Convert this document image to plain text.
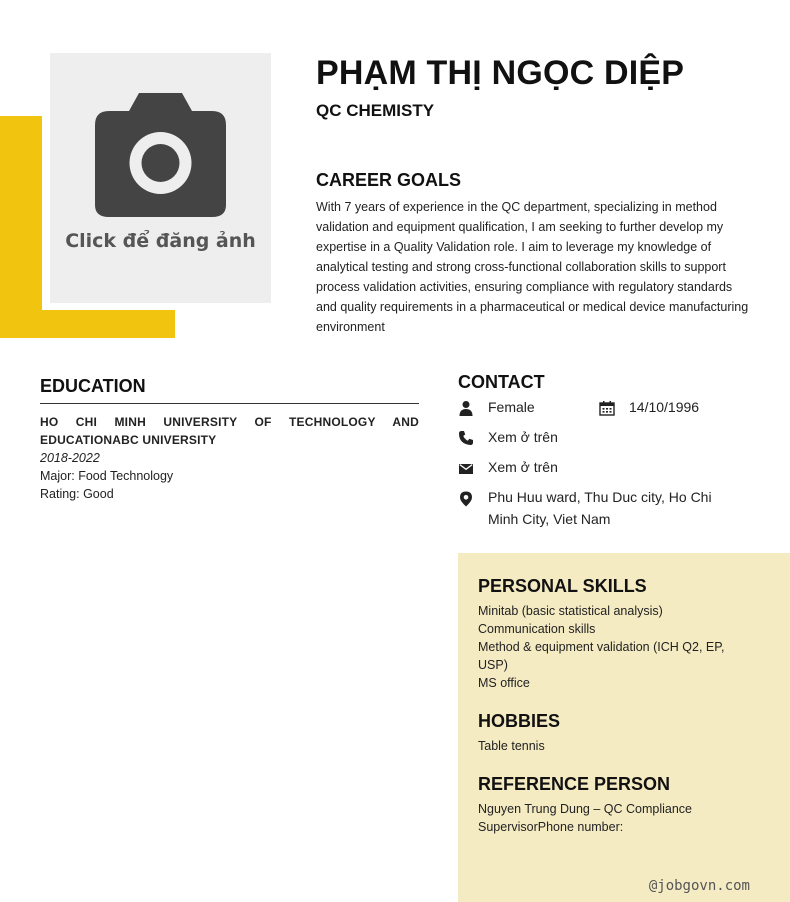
Click để đăng ảnh
PHẠM THỊ NGỌC DIỆP
QC CHEMISTY
CAREER GOALS

With 7 years of experience in the QC department, specializing in method validation and equipment qualification, I am seeking to further develop my expertise in a Quality Validation role. I aim to leverage my knowledge of analytical testing and strong cross-functional collaboration skills to support process validation activities, ensuring compliance with regulatory standards and quality requirements in a pharmaceutical or medical device manufacturing environment

EDUCATION
HO CHI MINH UNIVERSITY OF TECHNOLOGY AND EDUCATIONABC UNIVERSITY
2018-2022
Major: Food Technology
Rating: Good
CONTACT
Female	14/10/1996
Xem ở trên
Xem ở trên
Phu Huu ward, Thu Duc city, Ho Chi Minh City, Viet Nam
PERSONAL SKILLS
Minitab (basic statistical analysis)
Communication skills
Method & equipment validation (ICH Q2, EP, USP)
MS office
HOBBIES
Table tennis
REFERENCE PERSON
Nguyen Trung Dung – QC Compliance SupervisorPhone number:
@jobgovn.com
